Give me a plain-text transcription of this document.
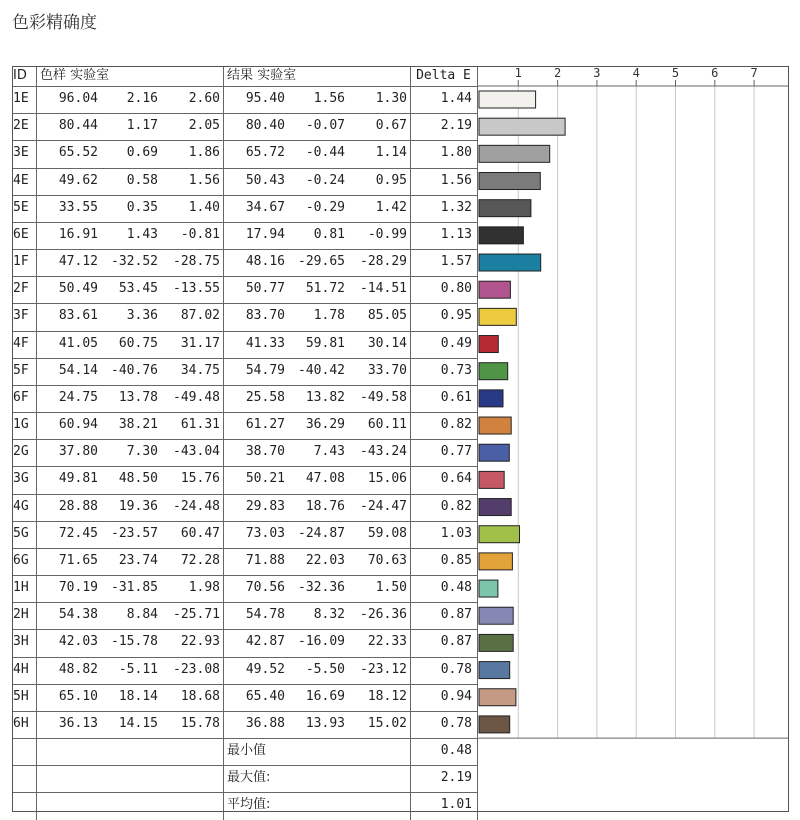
色彩精确度
ID	色样 实验室	结果 实验室	Delta E
1E	96.04	2.16	2.60	95.40	1.56	1.30	1.44
2E	80.44	1.17	2.05	80.40	-0.07	0.67	2.19
3E	65.52	0.69	1.86	65.72	-0.44	1.14	1.80
4E	49.62	0.58	1.56	50.43	-0.24	0.95	1.56
5E	33.55	0.35	1.40	34.67	-0.29	1.42	1.32
6E	16.91	1.43	-0.81	17.94	0.81	-0.99	1.13
1F	47.12	-32.52	-28.75	48.16	-29.65	-28.29	1.57
2F	50.49	53.45	-13.55	50.77	51.72	-14.51	0.80
3F	83.61	3.36	87.02	83.70	1.78	85.05	0.95
4F	41.05	60.75	31.17	41.33	59.81	30.14	0.49
5F	54.14	-40.76	34.75	54.79	-40.42	33.70	0.73
6F	24.75	13.78	-49.48	25.58	13.82	-49.58	0.61
1G	60.94	38.21	61.31	61.27	36.29	60.11	0.82
2G	37.80	7.30	-43.04	38.70	7.43	-43.24	0.77
3G	49.81	48.50	15.76	50.21	47.08	15.06	0.64
4G	28.88	19.36	-24.48	29.83	18.76	-24.47	0.82
5G	72.45	-23.57	60.47	73.03	-24.87	59.08	1.03
6G	71.65	23.74	72.28	71.88	22.03	70.63	0.85
1H	70.19	-31.85	1.98	70.56	-32.36	1.50	0.48
2H	54.38	8.84	-25.71	54.78	8.32	-26.36	0.87
3H	42.03	-15.78	22.93	42.87	-16.09	22.33	0.87
4H	48.82	-5.11	-23.08	49.52	-5.50	-23.12	0.78
5H	65.10	18.14	18.68	65.40	16.69	18.12	0.94
6H	36.13	14.15	15.78	36.88	13.93	15.02	0.78
最小值	0.48
最大值:	2.19
平均值:	1.01
1	2	3	4	5	6	7
